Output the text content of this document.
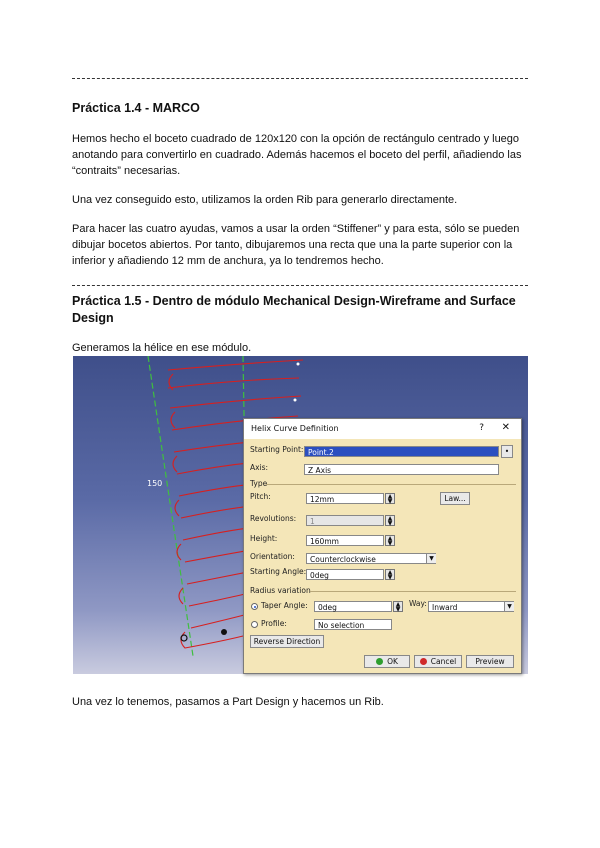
Práctica 1.4 - MARCO
Hemos hecho el boceto cuadrado de 120x120 con la opción de rectángulo centrado y luego
anotando para convertirlo en cuadrado. Además hacemos el boceto del perfil, añadiendo las
“contraits” necesarias.
Una vez conseguido esto, utilizamos la orden Rib para generarlo directamente.
Para hacer las cuatro ayudas, vamos a usar la orden “Stiffener” y para esta, sólo se pueden
dibujar bocetos abiertos. Por tanto, dibujaremos una recta que una la parte superior con la
inferior y añadiendo 12 mm de anchura, ya lo tendremos hecho.
Práctica 1.5 - Dentro de módulo Mechanical Design-Wireframe and Surface
Design
Generamos la hélice en ese módulo.
150
Helix Curve Definition	? ✕
Starting Point: Point.2	•
Axis:	Z Axis
Type
Pitch:	12mm	▲
▼	Law...
Revolutions:	1	▲
▼
Height:	160mm	▲
▼
Orientation:	Counterclockwise	▼
Starting Angle: 0deg	▲
▼
Radius variation
Taper Angle:	0deg	▲
▼
Way: Inward	▼
Profile:	No selection
Reverse Direction
OK	Cancel	Preview
Una vez lo tenemos, pasamos a Part Design y hacemos un Rib.
